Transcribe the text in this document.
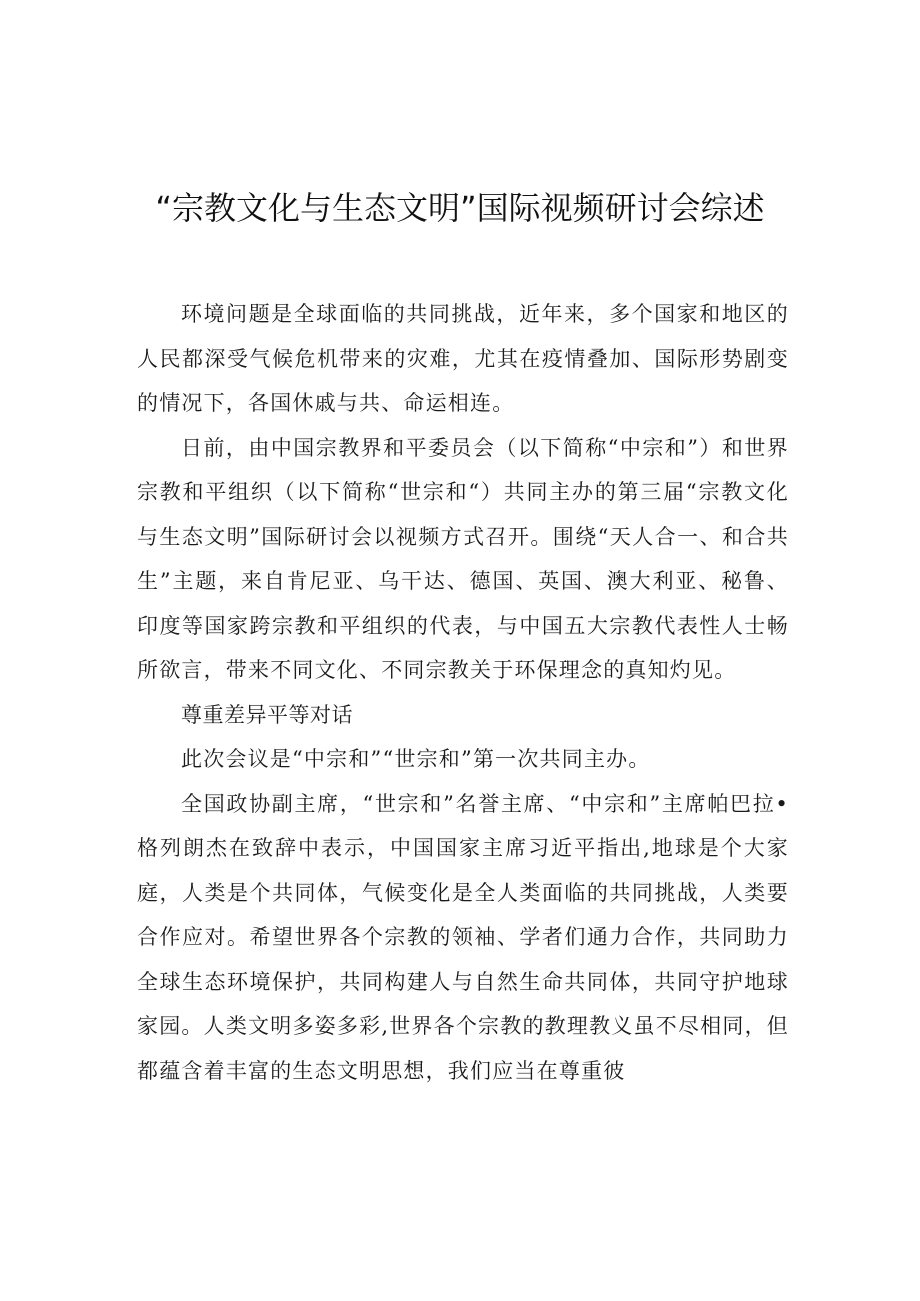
“宗教文化与生态文明”国际视频研讨会综述

环境问题是全球面临的共同挑战，近年来，多个国家和地区的人民都深受气候危机带来的灾难，尤其在疫情叠加、国际形势剧变的情况下，各国休戚与共、命运相连。

日前，由中国宗教界和平委员会（以下简称“中宗和”）和世界宗教和平组织（以下简称“世宗和“）共同主办的第三届“宗教文化与生态文明”国际研讨会以视频方式召开。围绕“天人合一、和合共生”主题，来自肯尼亚、乌干达、德国、英国、澳大利亚、秘鲁、印度等国家跨宗教和平组织的代表，与中国五大宗教代表性人士畅所欲言，带来不同文化、不同宗教关于环保理念的真知灼见。

尊重差异平等对话

此次会议是“中宗和”“世宗和”第一次共同主办。

全国政协副主席，“世宗和”名誉主席、“中宗和”主席帕巴拉•格列朗杰在致辞中表示，中国国家主席习近平指出,地球是个大家庭，人类是个共同体，气候变化是全人类面临的共同挑战，人类要合作应对。希望世界各个宗教的领袖、学者们通力合作，共同助力全球生态环境保护，共同构建人与自然生命共同体，共同守护地球家园。人类文明多姿多彩,世界各个宗教的教理教义虽不尽相同，但都蕴含着丰富的生态文明思想，我们应当在尊重彼
